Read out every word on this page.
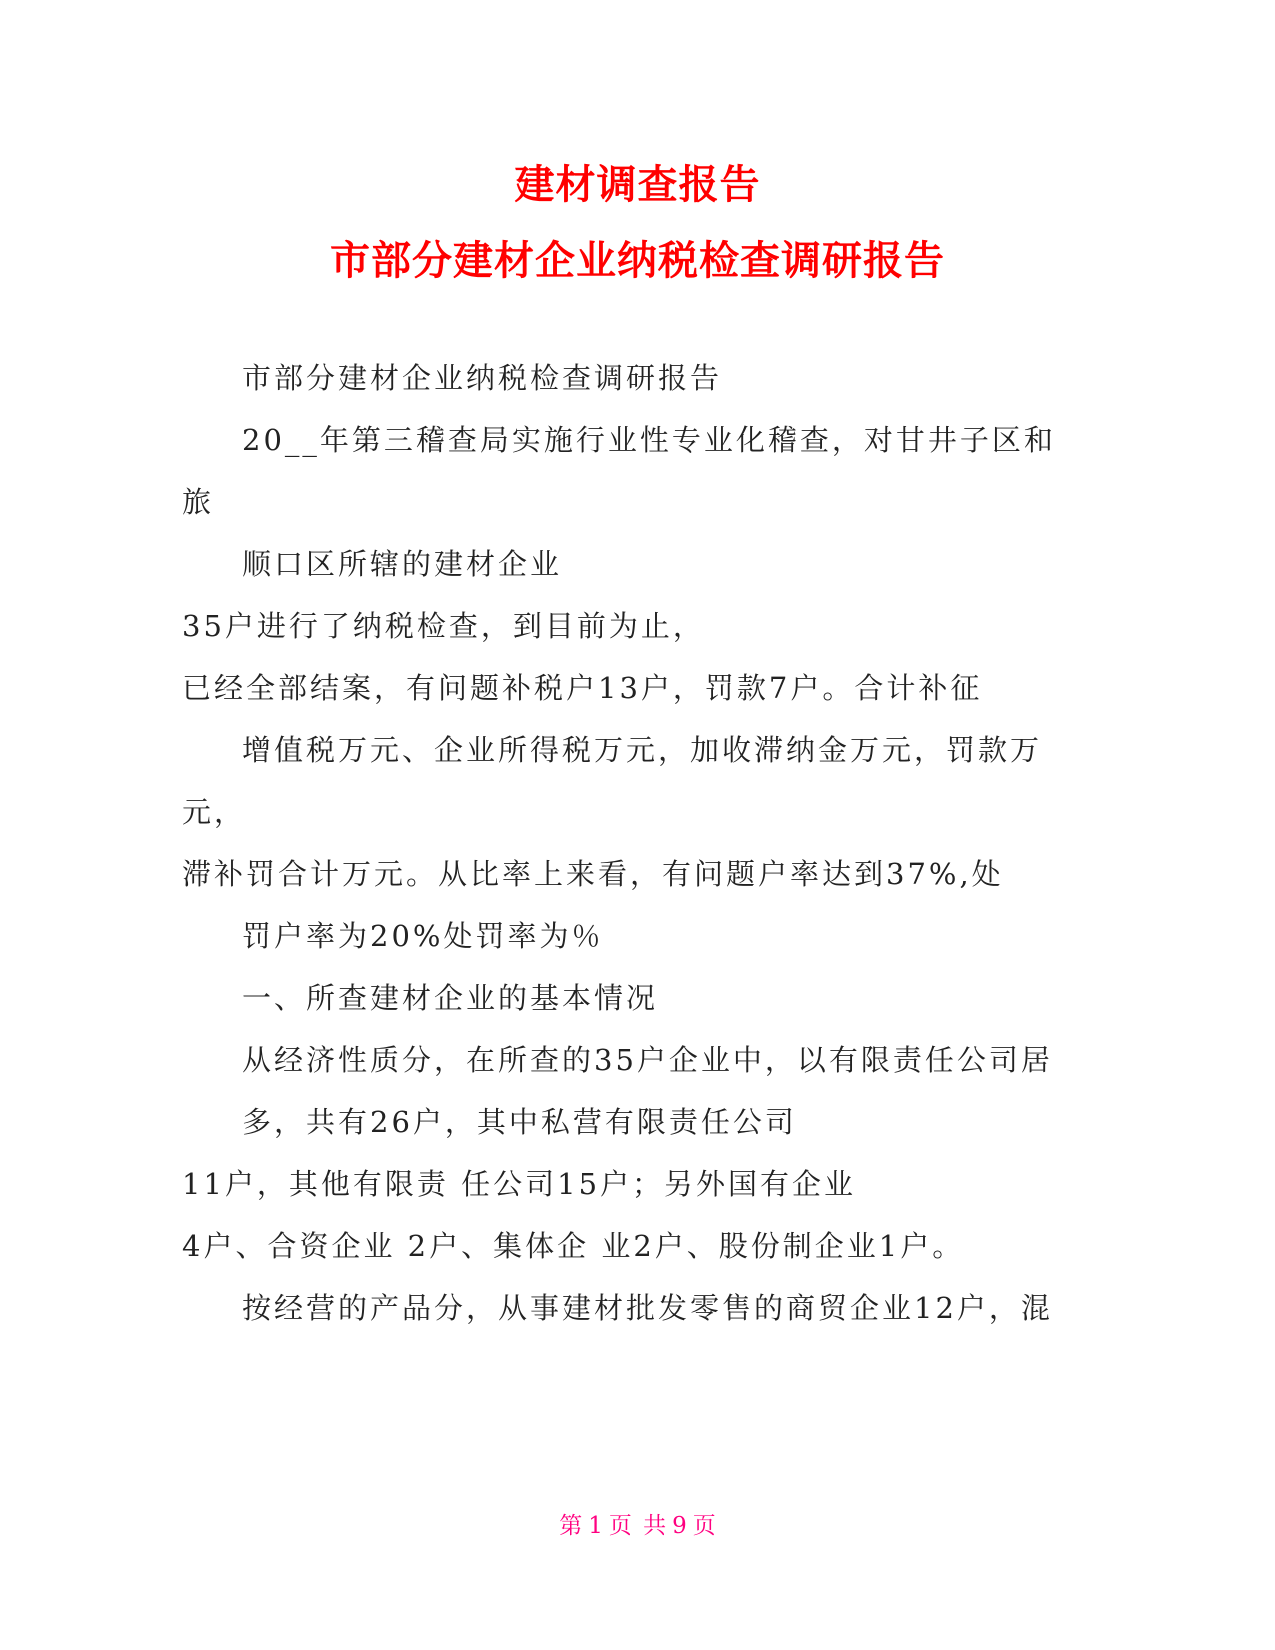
建材调查报告
市部分建材企业纳税检查调研报告
市部分建材企业纳税检查调研报告
20__年第三稽查局实施行业性专业化稽查，对甘井子区和
旅
顺口区所辖的建材企业
35户进行了纳税检查，到目前为止，
已经全部结案，有问题补税户13户，罚款7户。合计补征
增值税万元、企业所得税万元，加收滞纳金万元，罚款万
元，
滞补罚合计万元。从比率上来看，有问题户率达到37%,处
罚户率为20%处罚率为％
一、所查建材企业的基本情况
从经济性质分，在所查的35户企业中，以有限责任公司居
多，共有26户，其中私营有限责任公司
11户，其他有限责 任公司15户；另外国有企业
4户、合资企业 2户、集体企 业2户、股份制企业1户。
按经营的产品分，从事建材批发零售的商贸企业12户，混
第 1 页 共 9 页
